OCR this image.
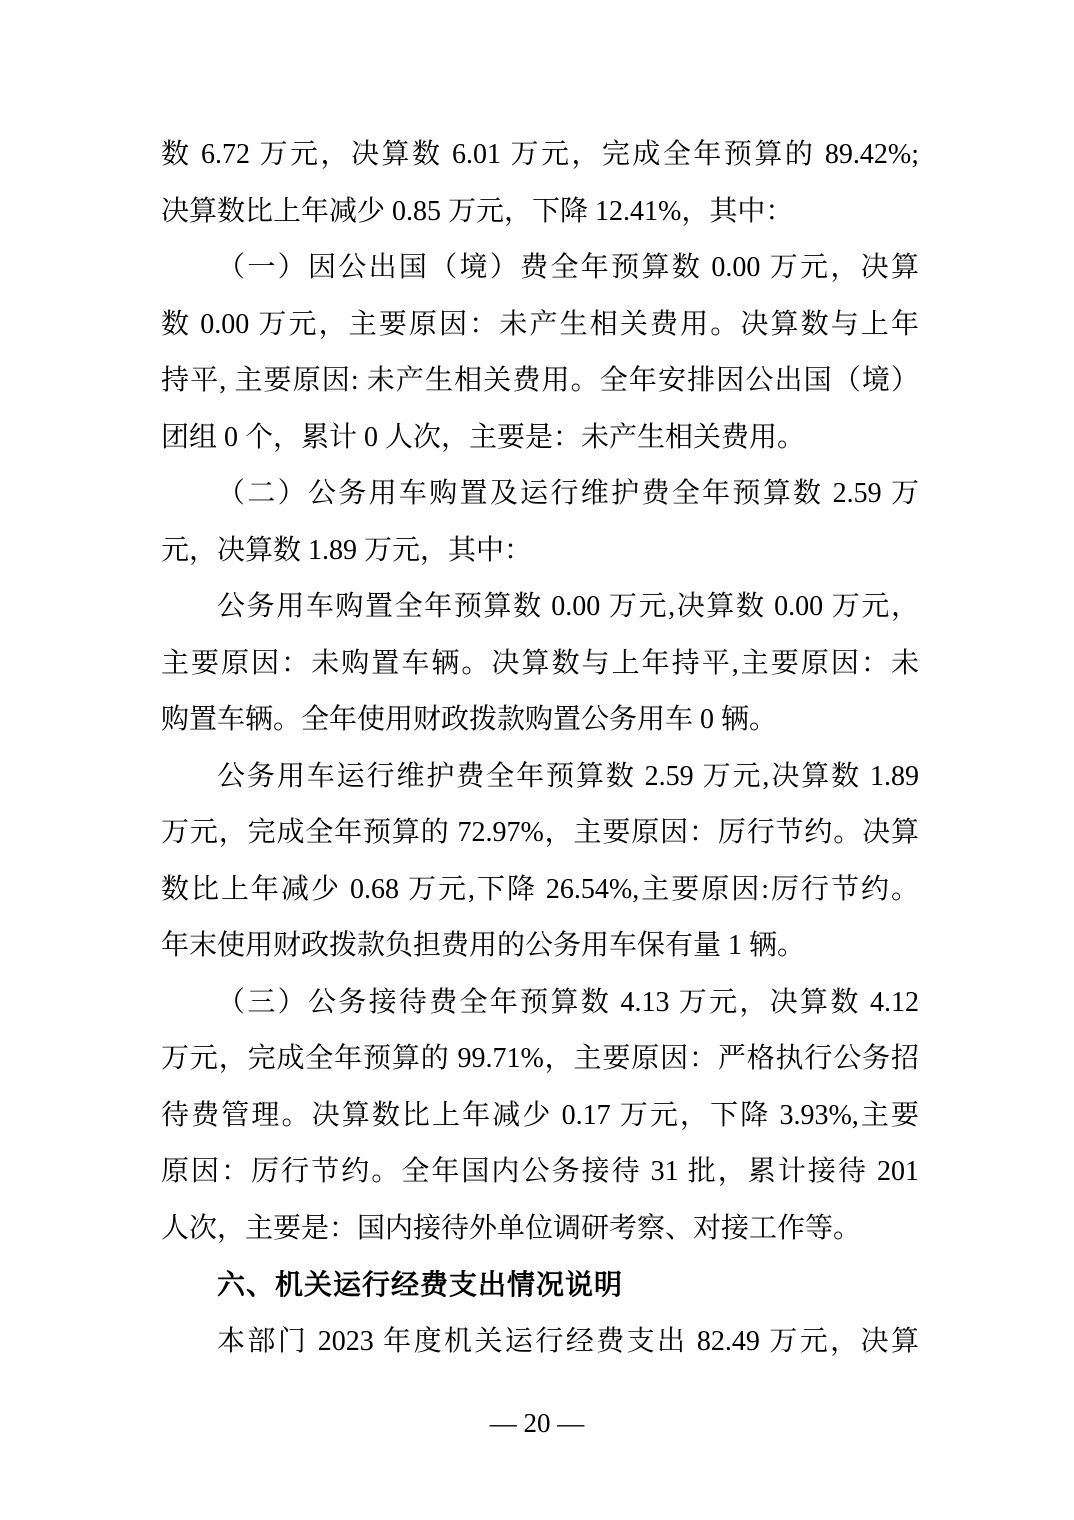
数 6.72 万元，决算数 6.01 万元，完成全年预算的 89.42%;
决算数比上年减少 0.85 万元，下降 12.41%，其中：
（一）因公出国（境）费全年预算数 0.00 万元，决算
数 0.00 万元，主要原因：未产生相关费用。决算数与上年
持平, 主要原因: 未产生相关费用。全年安排因公出国（境）
团组 0 个，累计 0 人次，主要是：未产生相关费用。
（二）公务用车购置及运行维护费全年预算数 2.59 万
元，决算数 1.89 万元，其中：
公务用车购置全年预算数 0.00 万元,决算数 0.00 万元，
主要原因：未购置车辆。决算数与上年持平,主要原因：未
购置车辆。全年使用财政拨款购置公务用车 0 辆。
公务用车运行维护费全年预算数 2.59 万元,决算数 1.89
万元，完成全年预算的 72.97%，主要原因：厉行节约。决算
数比上年减少 0.68 万元,下降 26.54%,主要原因:厉行节约。
年末使用财政拨款负担费用的公务用车保有量 1 辆。
（三）公务接待费全年预算数 4.13 万元，决算数 4.12
万元，完成全年预算的 99.71%，主要原因：严格执行公务招
待费管理。决算数比上年减少 0.17 万元，下降 3.93%,主要
原因：厉行节约。全年国内公务接待 31 批，累计接待 201
人次，主要是：国内接待外单位调研考察、对接工作等。
六、机关运行经费支出情况说明
本部门 2023 年度机关运行经费支出 82.49 万元，决算
— 20 —
